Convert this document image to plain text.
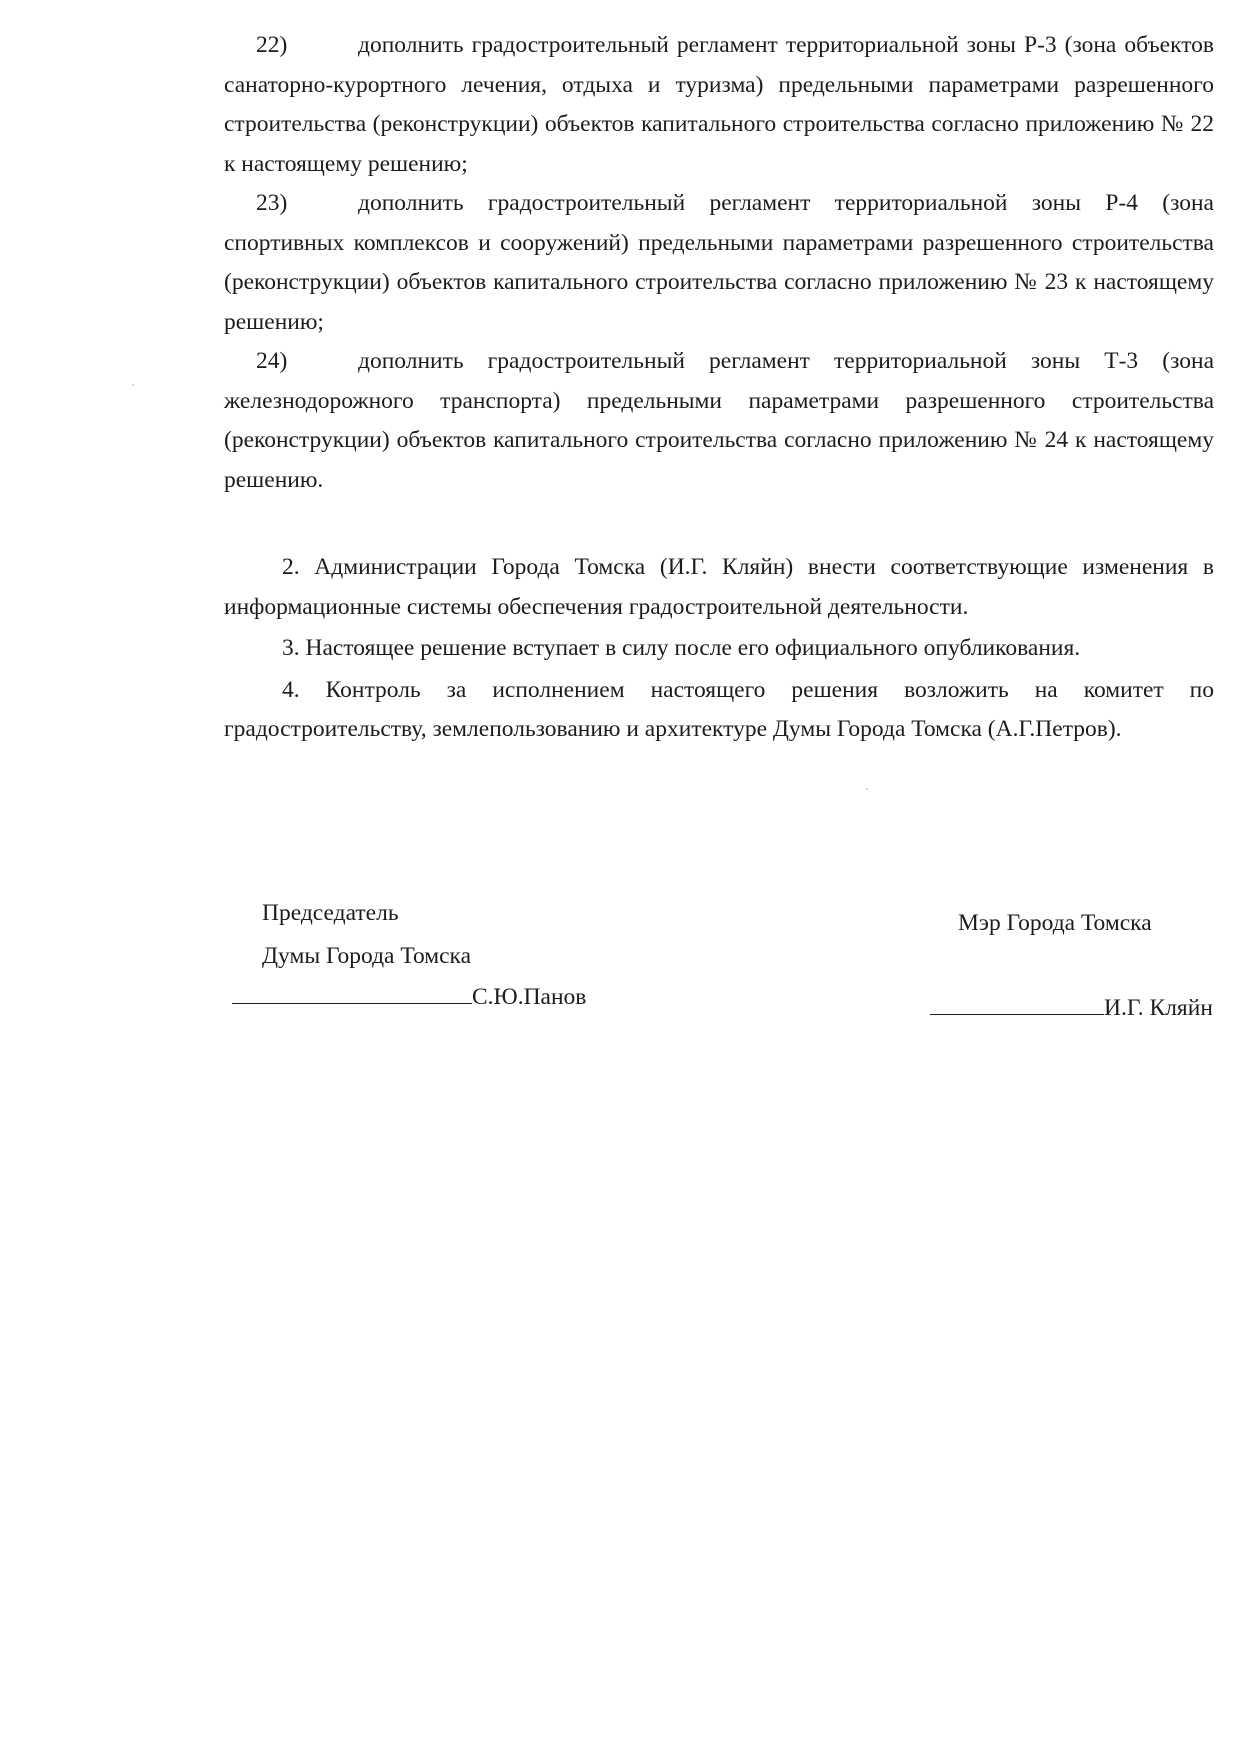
22)	дополнить градостроительный регламент территориальной зоны Р-3 (зона объектов санаторно-курортного лечения, отдыха и туризма) предельными параметрами разрешенного строительства (реконструкции) объектов капитального строительства согласно приложению № 22 к настоящему решению;

23)	дополнить градостроительный регламент территориальной зоны Р-4 (зона спортивных комплексов и сооружений) предельными параметрами разрешенного строительства (реконструкции) объектов капитального строительства согласно приложению № 23 к настоящему решению;

24)	дополнить градостроительный регламент территориальной зоны Т-3 (зона железнодорожного транспорта) предельными параметрами разрешенного строительства (реконструкции) объектов капитального строительства согласно приложению № 24 к настоящему решению.

2. Администрации Города Томска (И.Г. Кляйн) внести соответствующие изменения в информационные системы обеспечения градостроительной деятельности.

3. Настоящее решение вступает в силу после его официального опубликования.

4. Контроль за исполнением настоящего решения возложить на комитет по градостроительству, землепользованию и архитектуре Думы Города Томска (А.Г.Петров).

Председатель
Думы Города Томска
С.Ю.Панов
Мэр Города Томска
И.Г. Кляйн
